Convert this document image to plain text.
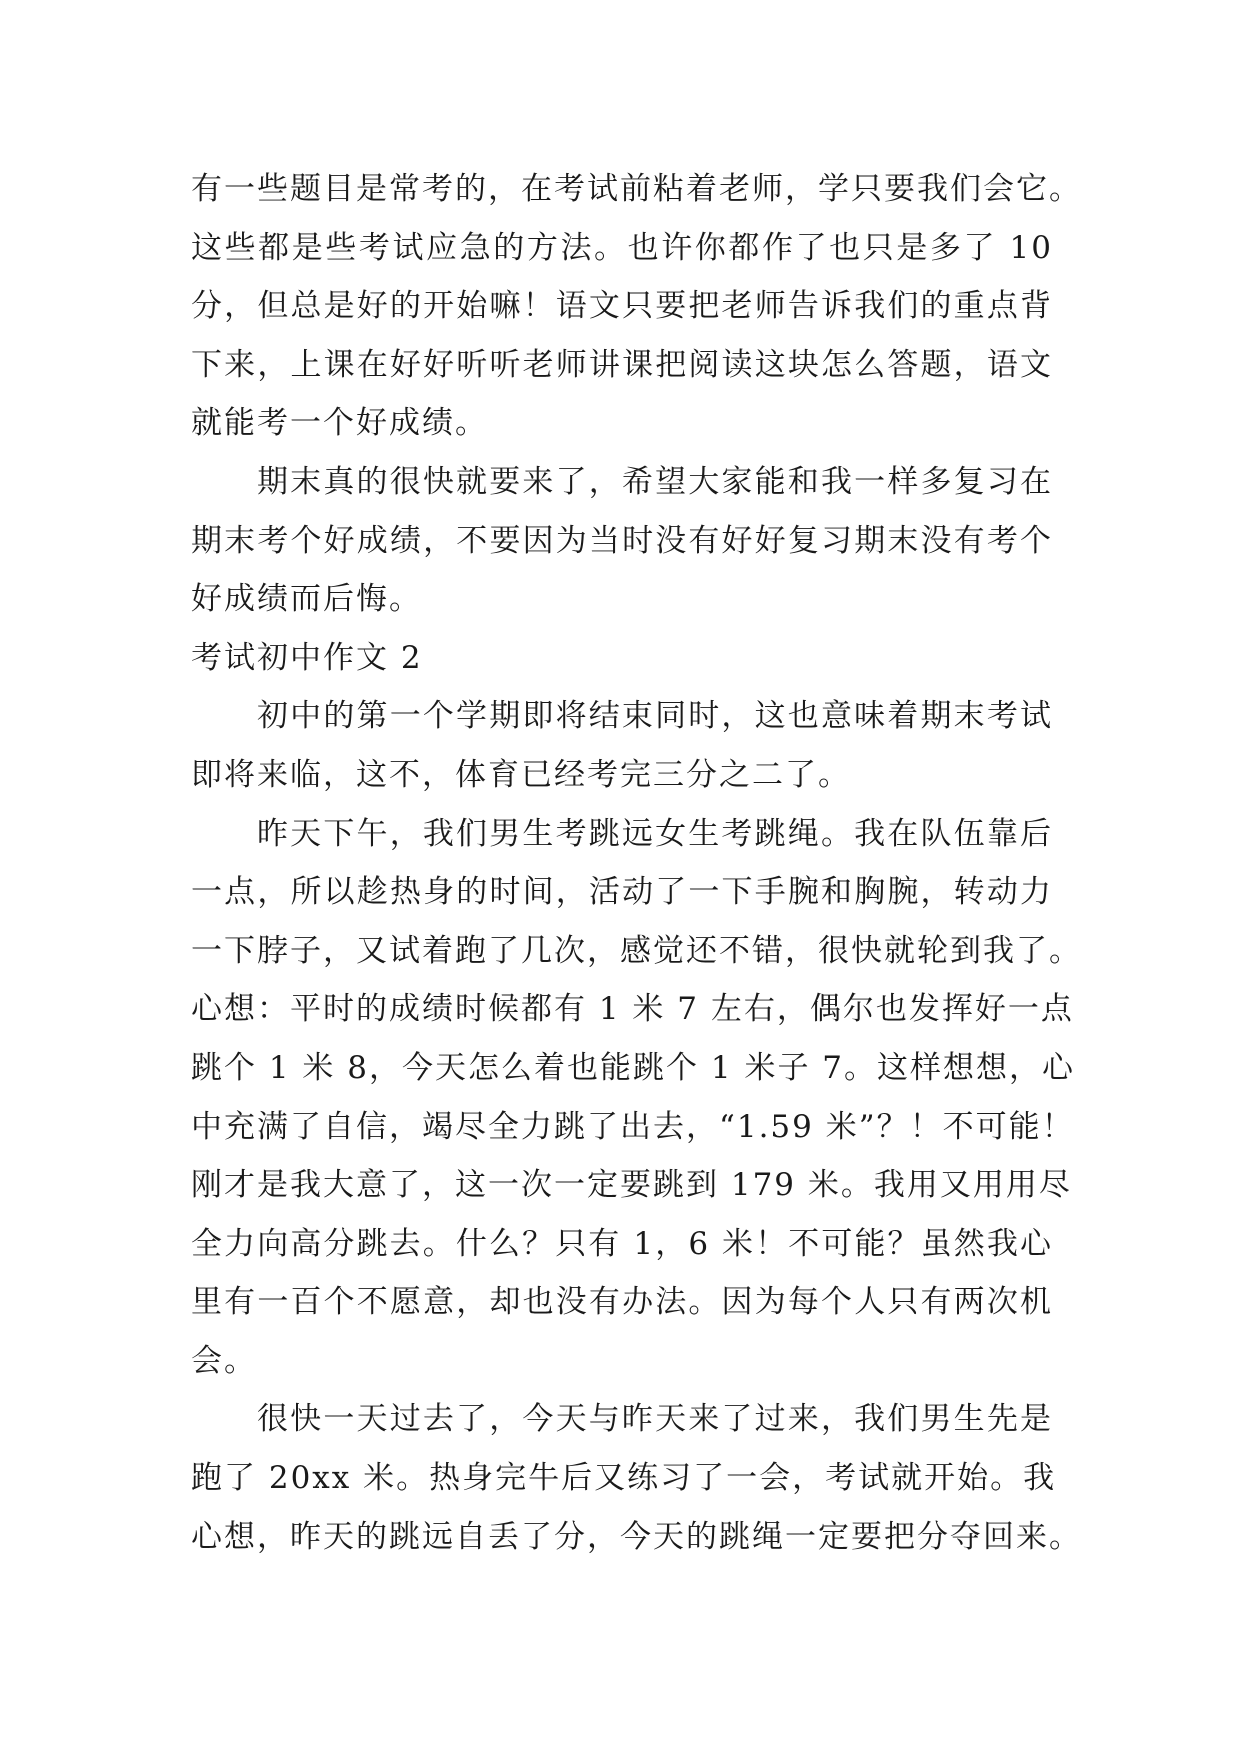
有一些题目是常考的，在考试前粘着老师，学只要我们会它。
这些都是些考试应急的方法。也许你都作了也只是多了 10
分，但总是好的开始嘛！语文只要把老师告诉我们的重点背
下来，上课在好好听听老师讲课把阅读这块怎么答题，语文
就能考一个好成绩。
期末真的很快就要来了，希望大家能和我一样多复习在
期末考个好成绩，不要因为当时没有好好复习期末没有考个
好成绩而后悔。
考试初中作文 2
初中的第一个学期即将结束同时，这也意味着期末考试
即将来临，这不，体育已经考完三分之二了。
昨天下午，我们男生考跳远女生考跳绳。我在队伍靠后
一点，所以趁热身的时间，活动了一下手腕和胸腕，转动力
一下脖子，又试着跑了几次，感觉还不错，很快就轮到我了。
心想：平时的成绩时候都有 1 米 7 左右，偶尔也发挥好一点
跳个 1 米 8，今天怎么着也能跳个 1 米子 7。这样想想，心
中充满了自信，竭尽全力跳了出去，“1.59 米”？！不可能！
刚才是我大意了，这一次一定要跳到 179 米。我用又用用尽
全力向高分跳去。什么？只有 1，6 米！不可能？虽然我心
里有一百个不愿意，却也没有办法。因为每个人只有两次机
会。
很快一天过去了，今天与昨天来了过来，我们男生先是
跑了 20xx 米。热身完牛后又练习了一会，考试就开始。我
心想，昨天的跳远自丢了分，今天的跳绳一定要把分夺回来。
